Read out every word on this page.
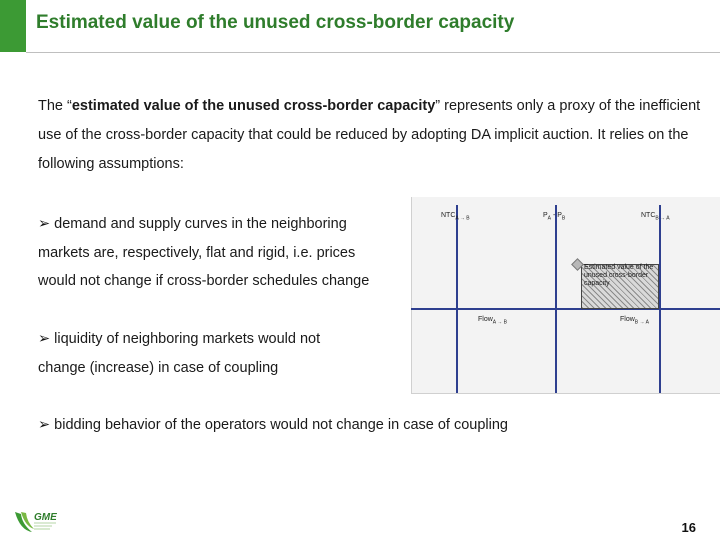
Estimated value of the unused cross-border capacity
The “estimated value of the unused cross-border capacity” represents only a proxy of the inefficient use of the cross-border capacity that could be reduced by adopting DA implicit auction. It relies on the following assumptions:
➢ demand and supply curves in the neighboring
markets are, respectively, flat and rigid, i.e. prices
would not change if cross-border schedules change
➢ liquidity of neighboring markets would not
change (increase) in case of coupling
➢ bidding behavior of the operators would not change in case of coupling
Estimated value of the unused cross-border capacity
$NTC_{A \to B}$	$P_A - P_B$	$NTC_{B \to A}$
Flow$_{A \to B}$	Flow$_{B \to A}$
GME
16
